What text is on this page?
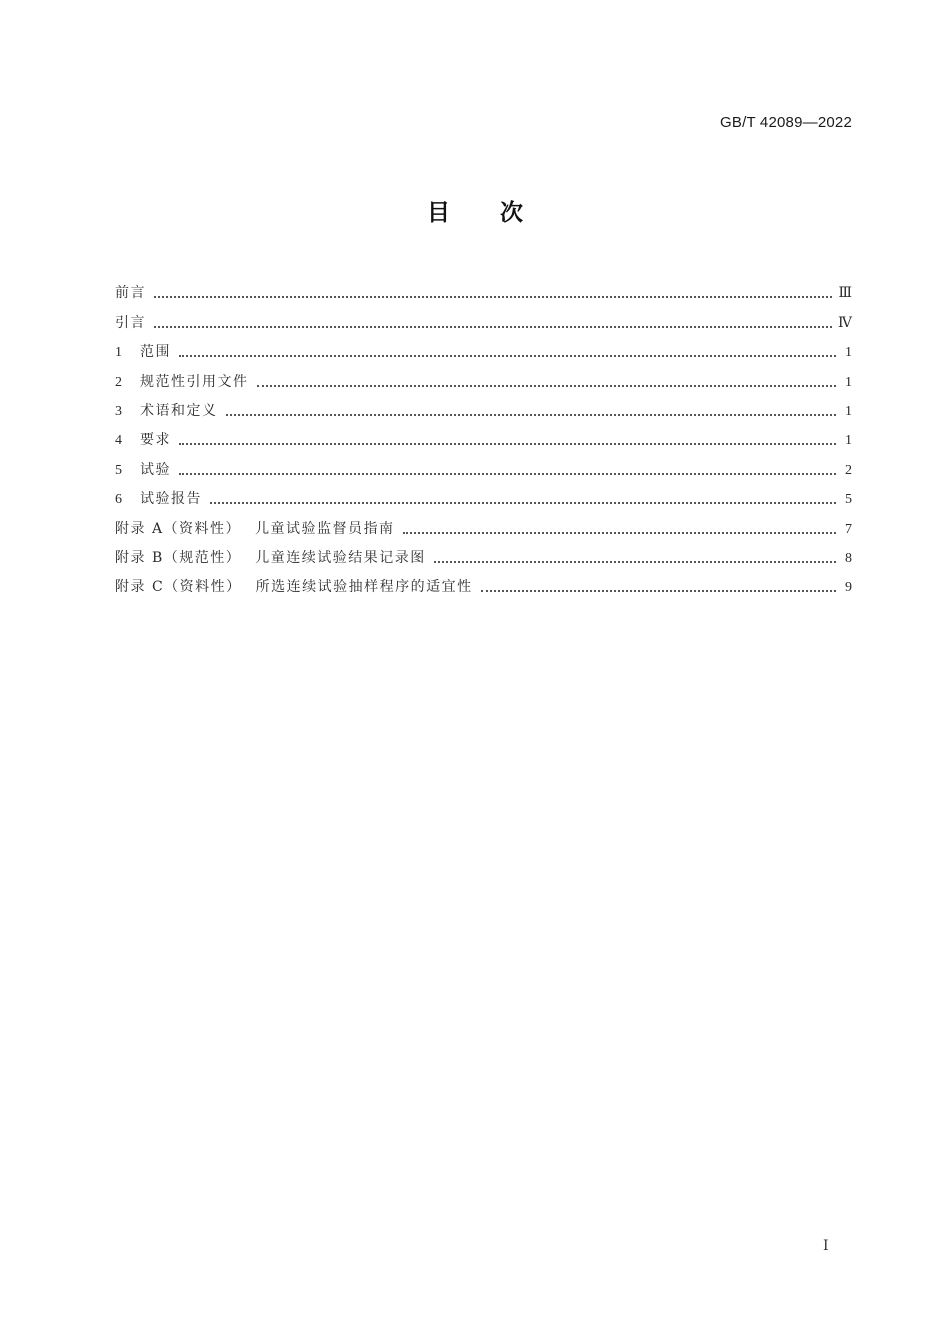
GB/T 42089—2022
目 次
前言	Ⅲ
引言	Ⅳ
1	范围	1
2	规范性引用文件	1
3	术语和定义	1
4	要求	1
5	试验	2
6	试验报告	5
附录 A（资料性） 儿童试验监督员指南	7
附录 B（规范性） 儿童连续试验结果记录图	8
附录 C（资料性） 所选连续试验抽样程序的适宜性	9
Ⅰ
